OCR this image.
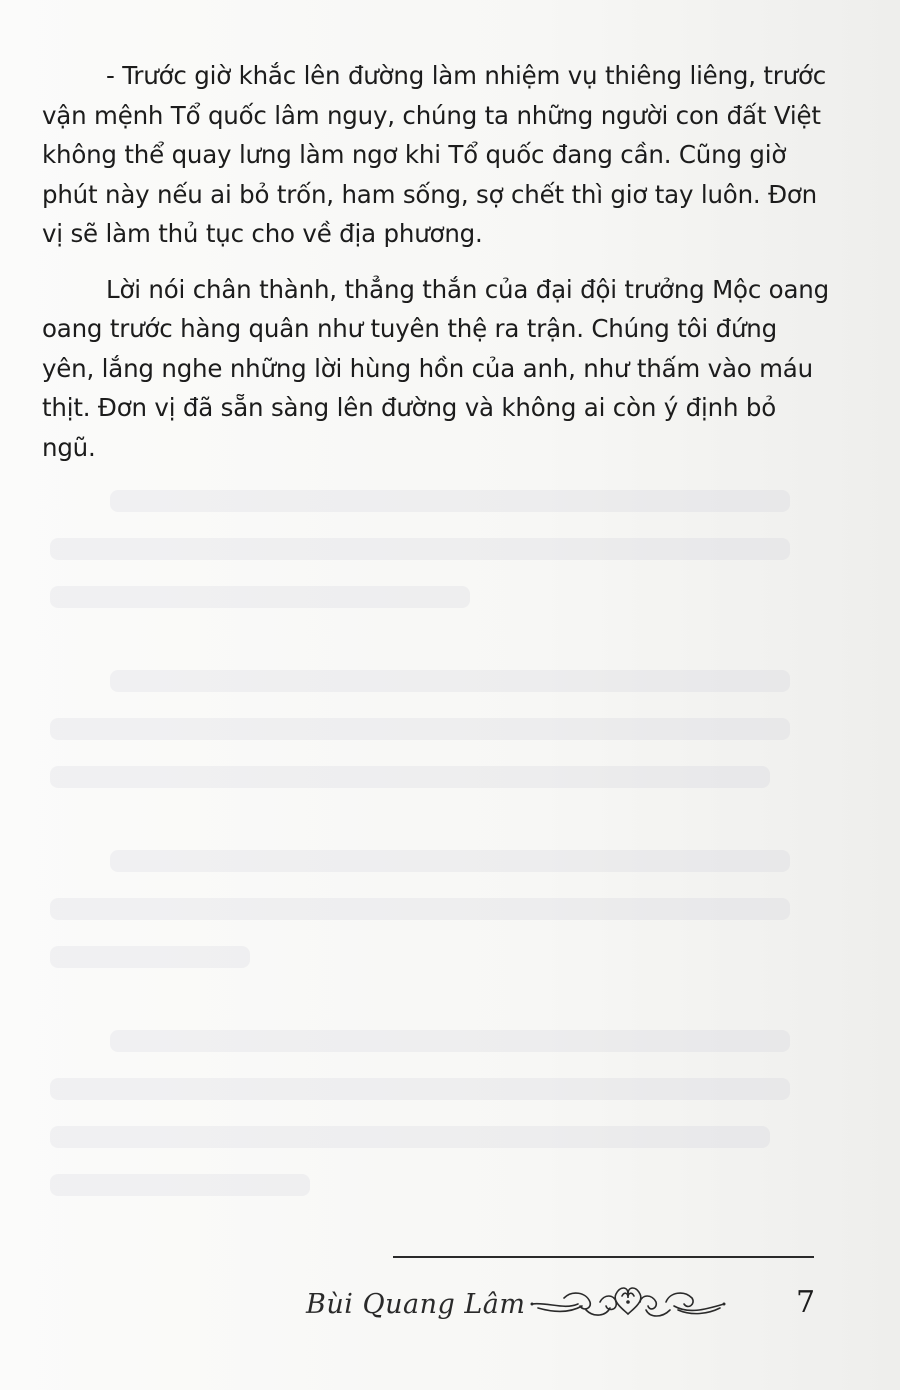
- Trước giờ khắc lên đường làm nhiệm vụ thiêng liêng, trước vận mệnh Tổ quốc lâm nguy, chúng ta những người con đất Việt không thể quay lưng làm ngơ khi Tổ quốc đang cần. Cũng giờ phút này nếu ai bỏ trốn, ham sống, sợ chết thì giơ tay luôn. Đơn vị sẽ làm thủ tục cho về địa phương.

Lời nói chân thành, thẳng thắn của đại đội trưởng Mộc oang oang trước hàng quân như tuyên thệ ra trận. Chúng tôi đứng yên, lắng nghe những lời hùng hồn của anh, như thấm vào máu thịt. Đơn vị đã sẵn sàng lên đường và không ai còn ý định bỏ ngũ.

Bùi Quang Lâm	7
